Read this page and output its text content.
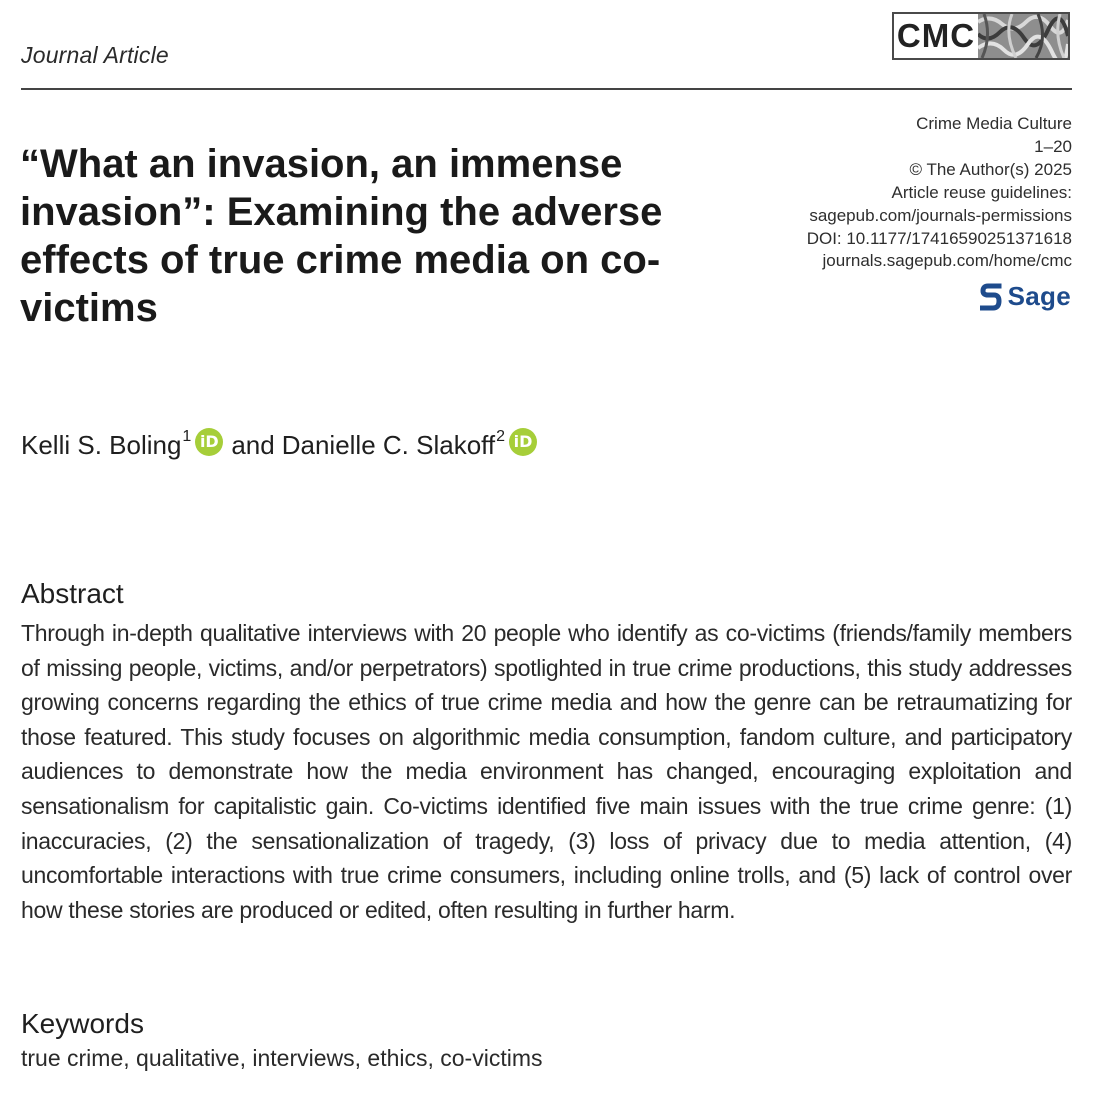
Journal Article
CMC
“What an invasion, an immense invasion”: Examining the adverse effects of true crime media on co-victims
Crime Media Culture
1–20
© The Author(s) 2025
Article reuse guidelines:
sagepub.com/journals-permissions
DOI: 10.1177/17416590251371618
journals.sagepub.com/home/cmc
Sage
Kelli S. Boling$^1$ iD and Danielle C. Slakoff$^2$ iD
Abstract

Through in-depth qualitative interviews with 20 people who identify as co-victims (friends/family members of missing people, victims, and/or perpetrators) spotlighted in true crime productions, this study addresses growing concerns regarding the ethics of true crime media and how the genre can be retraumatizing for those featured. This study focuses on algorithmic media consumption, fandom culture, and participatory audiences to demonstrate how the media environment has changed, encouraging exploitation and sensationalism for capitalistic gain. Co-victims identified five main issues with the true crime genre: (1) inaccuracies, (2) the sensationalization of tragedy, (3) loss of privacy due to media attention, (4) uncomfortable interactions with true crime consumers, including online trolls, and (5) lack of control over how these stories are produced or edited, often resulting in further harm.

Keywords

true crime, qualitative, interviews, ethics, co-victims
